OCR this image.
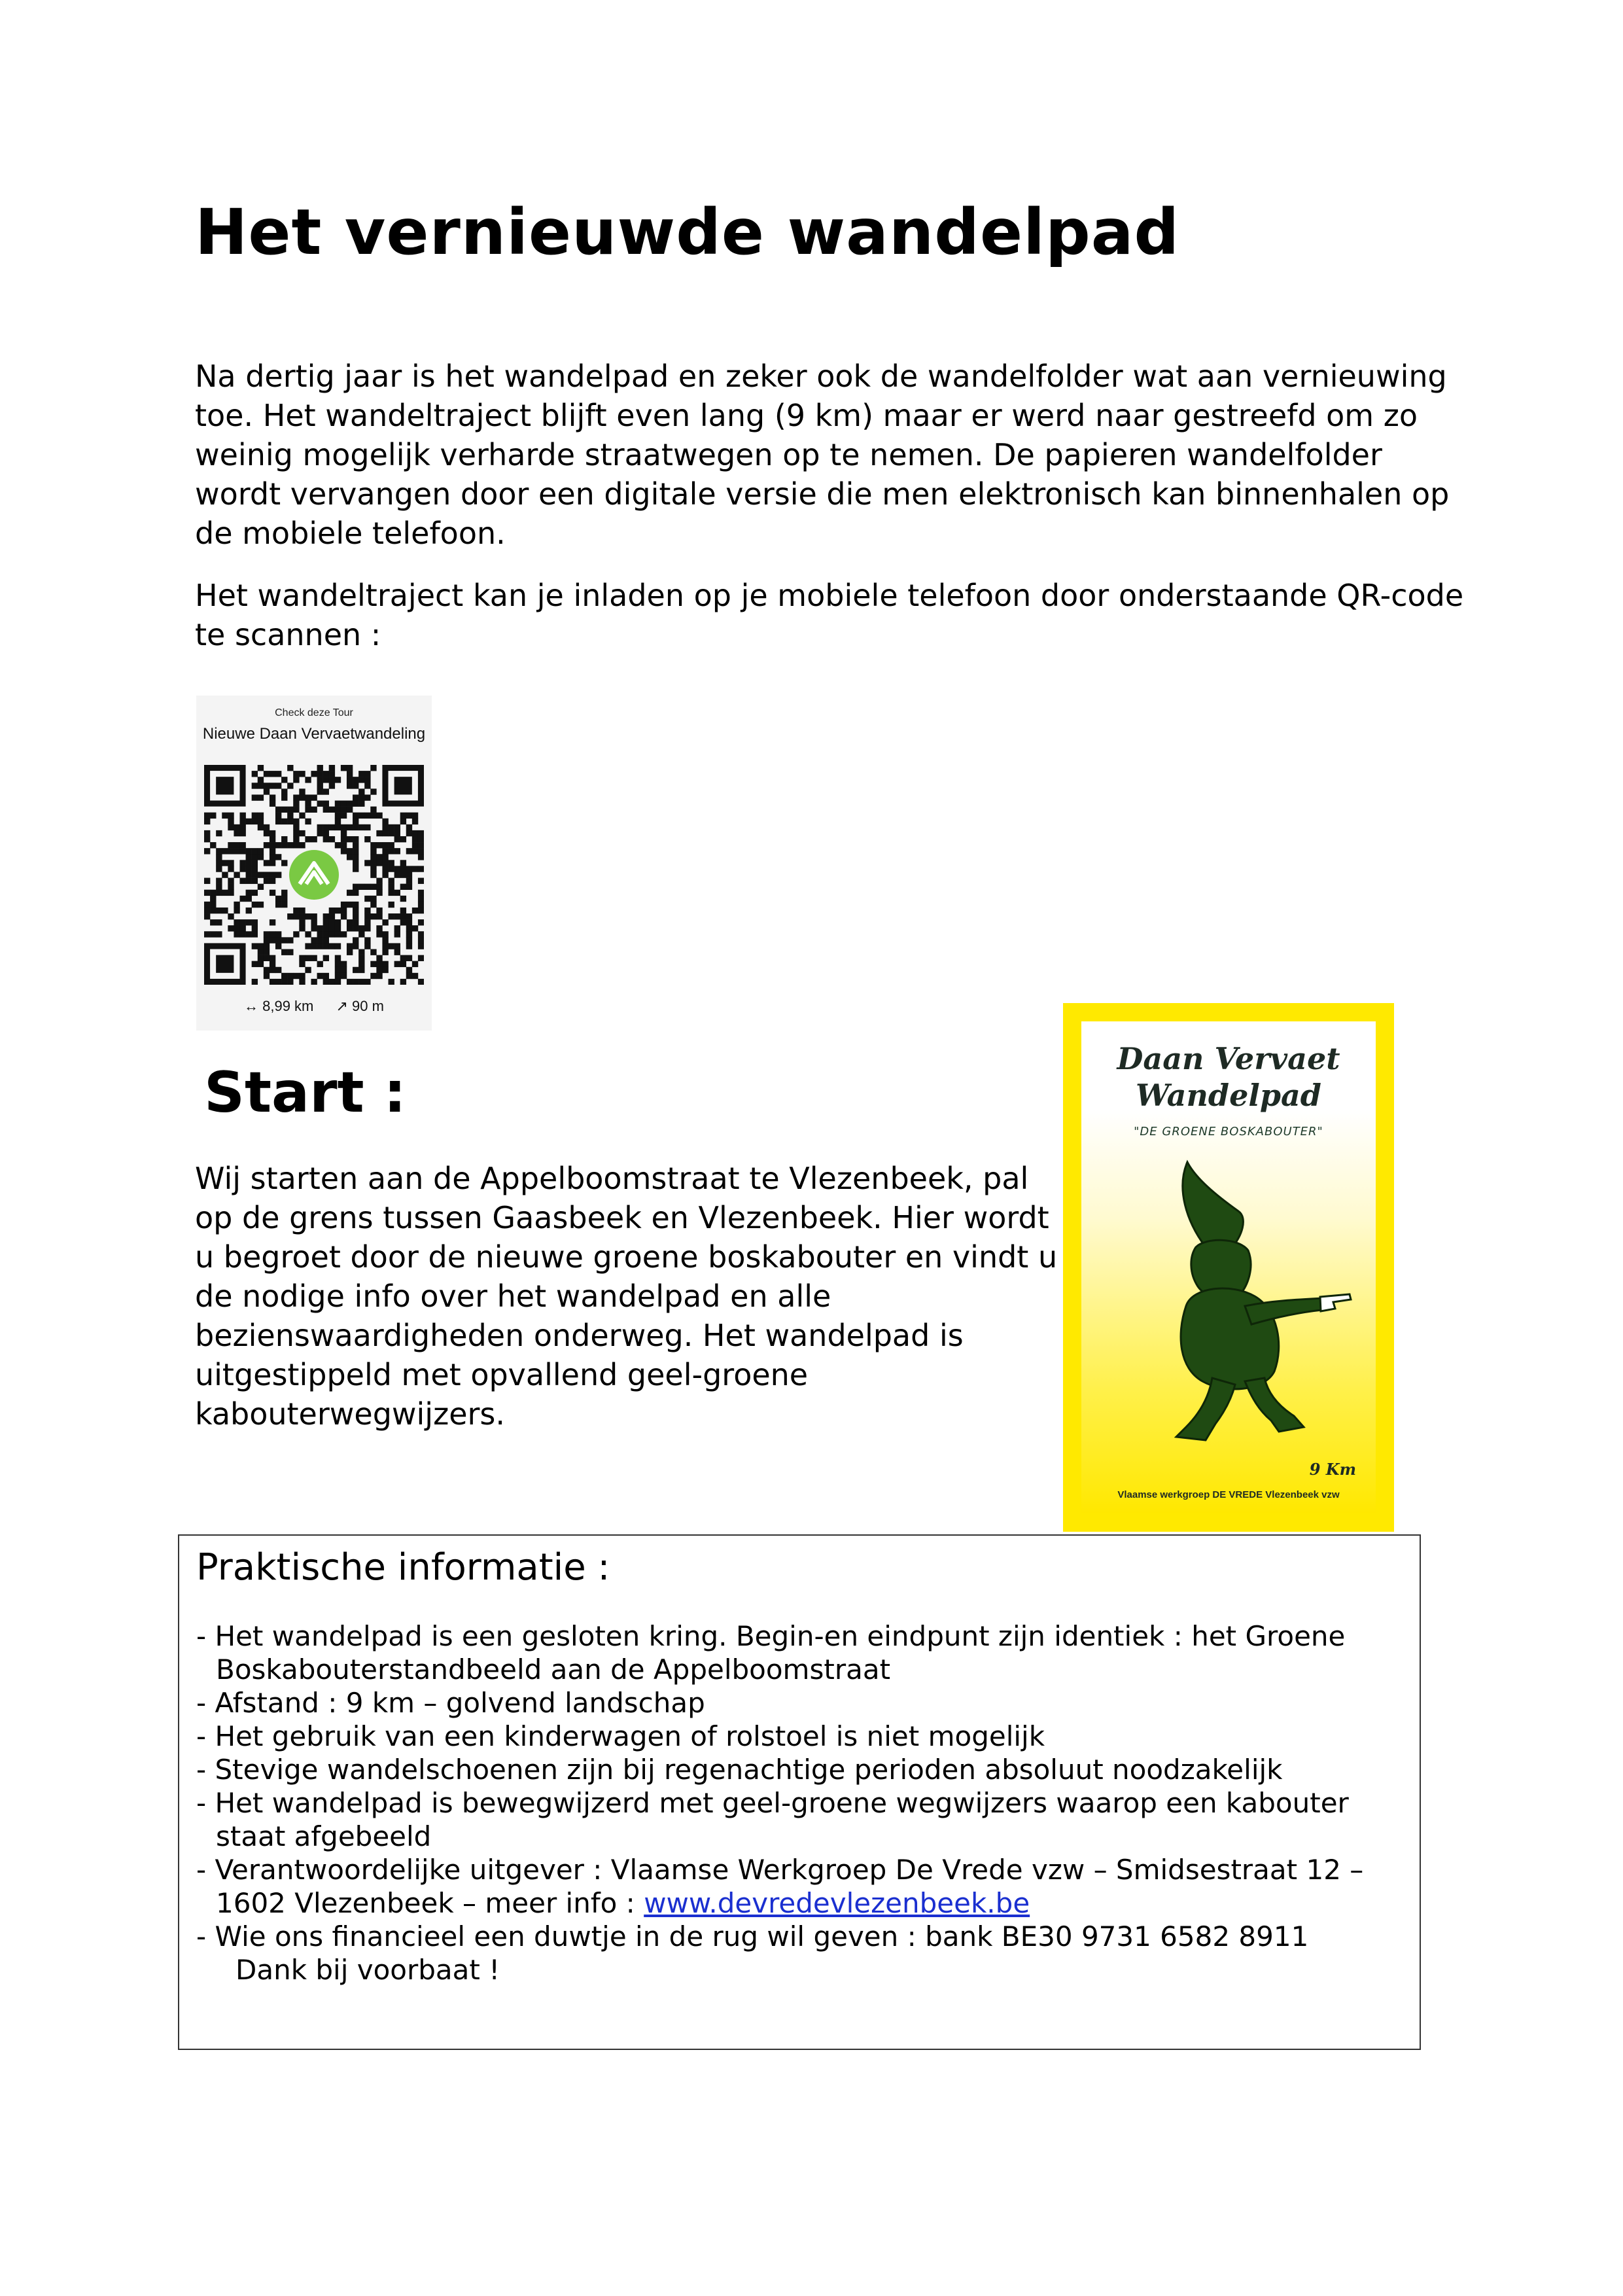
Het vernieuwde wandelpad

Na dertig jaar is het wandelpad en zeker ook de wandelfolder wat aan vernieuwing toe. Het wandeltraject blijft even lang (9 km) maar er werd naar gestreefd om zo weinig mogelijk verharde straatwegen op te nemen. De papieren wandelfolder wordt vervangen door een digitale versie die men elektronisch kan binnenhalen op de mobiele telefoon.

Het wandeltraject kan je inladen op je mobiele telefoon door onderstaande QR-code te scannen :

Check deze Tour
Nieuwe Daan Vervaetwandeling
↔ 8,99 km ↗ 90 m
Start :

Wij starten aan de Appelboomstraat te Vlezenbeek, pal op de grens tussen Gaasbeek en Vlezenbeek. Hier wordt u begroet door de nieuwe groene boskabouter en vindt u de nodige info over het wandelpad en alle bezienswaardigheden onderweg. Het wandelpad is uitgestippeld met opvallend geel-groene kabouterwegwijzers.

Daan Vervaet
Wandelpad
"DE GROENE BOSKABOUTER"
9 Km
Vlaamse werkgroep DE VREDE Vlezenbeek vzw
Praktische informatie :
- Het wandelpad is een gesloten kring. Begin-en eindpunt zijn identiek : het Groene Boskabouterstandbeeld aan de Appelboomstraat
- Afstand : 9 km – golvend landschap
- Het gebruik van een kinderwagen of rolstoel is niet mogelijk
- Stevige wandelschoenen zijn bij regenachtige perioden absoluut noodzakelijk
- Het wandelpad is bewegwijzerd met geel-groene wegwijzers waarop een kabouter staat afgebeeld
- Verantwoordelijke uitgever : Vlaamse Werkgroep De Vrede vzw – Smidsestraat 12 – 1602 Vlezenbeek – meer info : www.devredevlezenbeek.be
- Wie ons financieel een duwtje in de rug wil geven : bank BE30 9731 6582 8911
Dank bij voorbaat !
